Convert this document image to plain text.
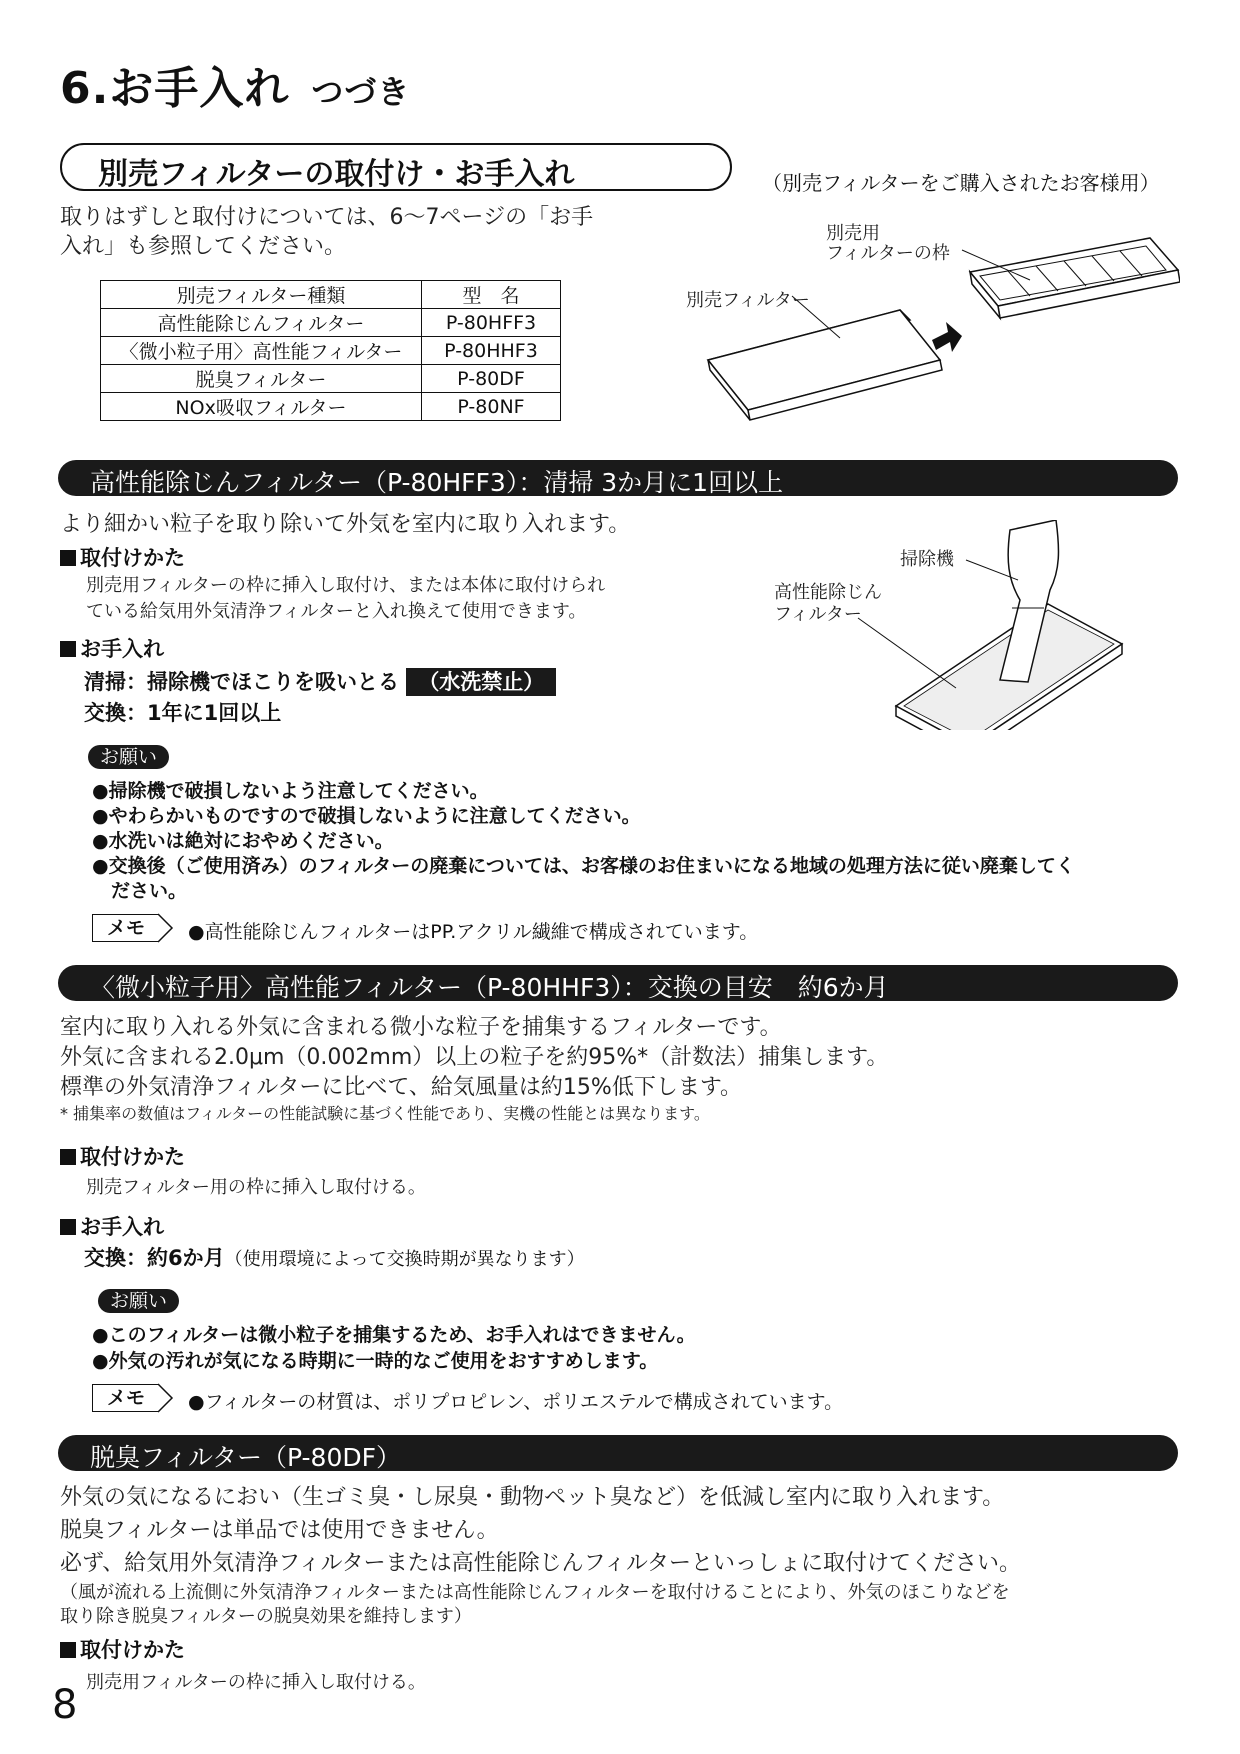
6.お手入れ つづき
別売フィルターの取付け・お手入れ	（別売フィルターをご購入されたお客様用）
取りはずしと取付けについては、6〜7ページの「お手
入れ」も参照してください。
別売フィルター種類	型　名
高性能除じんフィルター	P-80HFF3
〈微小粒子用〉高性能フィルター	P-80HHF3
脱臭フィルター	P-80DF
NOx吸収フィルター	P-80NF
別売用
フィルターの枠
別売フィルター
高性能除じんフィルター（P-80HFF3）：清掃 3か月に1回以上
より細かい粒子を取り除いて外気を室内に取り入れます。
取付けかた
別売用フィルターの枠に挿入し取付け、または本体に取付けられ
ている給気用外気清浄フィルターと入れ換えて使用できます。
お手入れ
清掃：掃除機でほこりを吸いとる （水洗禁止）
交換：1年に1回以上
掃除機
高性能除じん
フィルター
お願い
●掃除機で破損しないよう注意してください。
●やわらかいものですので破損しないように注意してください。
●水洗いは絶対におやめください。
●交換後（ご使用済み）のフィルターの廃棄については、お客様のお住まいになる地域の処理方法に従い廃棄してく
　ださい。
メモ	●高性能除じんフィルターはPP.アクリル繊維で構成されています。
〈微小粒子用〉高性能フィルター（P-80HHF3）：交換の目安　約6か月
室内に取り入れる外気に含まれる微小な粒子を捕集するフィルターです。
外気に含まれる2.0μm（0.002mm）以上の粒子を約95%*（計数法）捕集します。
標準の外気清浄フィルターに比べて、給気風量は約15%低下します。
* 捕集率の数値はフィルターの性能試験に基づく性能であり、実機の性能とは異なります。
取付けかた
別売フィルター用の枠に挿入し取付ける。
お手入れ
交換：約6か月（使用環境によって交換時期が異なります）
お願い
●このフィルターは微小粒子を捕集するため、お手入れはできません。
●外気の汚れが気になる時期に一時的なご使用をおすすめします。
メモ	●フィルターの材質は、ポリプロピレン、ポリエステルで構成されています。
脱臭フィルター（P-80DF）
外気の気になるにおい（生ゴミ臭・し尿臭・動物ペット臭など）を低減し室内に取り入れます。
脱臭フィルターは単品では使用できません。
必ず、給気用外気清浄フィルターまたは高性能除じんフィルターといっしょに取付けてください。
（風が流れる上流側に外気清浄フィルターまたは高性能除じんフィルターを取付けることにより、外気のほこりなどを
取り除き脱臭フィルターの脱臭効果を維持します）
取付けかた
別売用フィルターの枠に挿入し取付ける。
8
